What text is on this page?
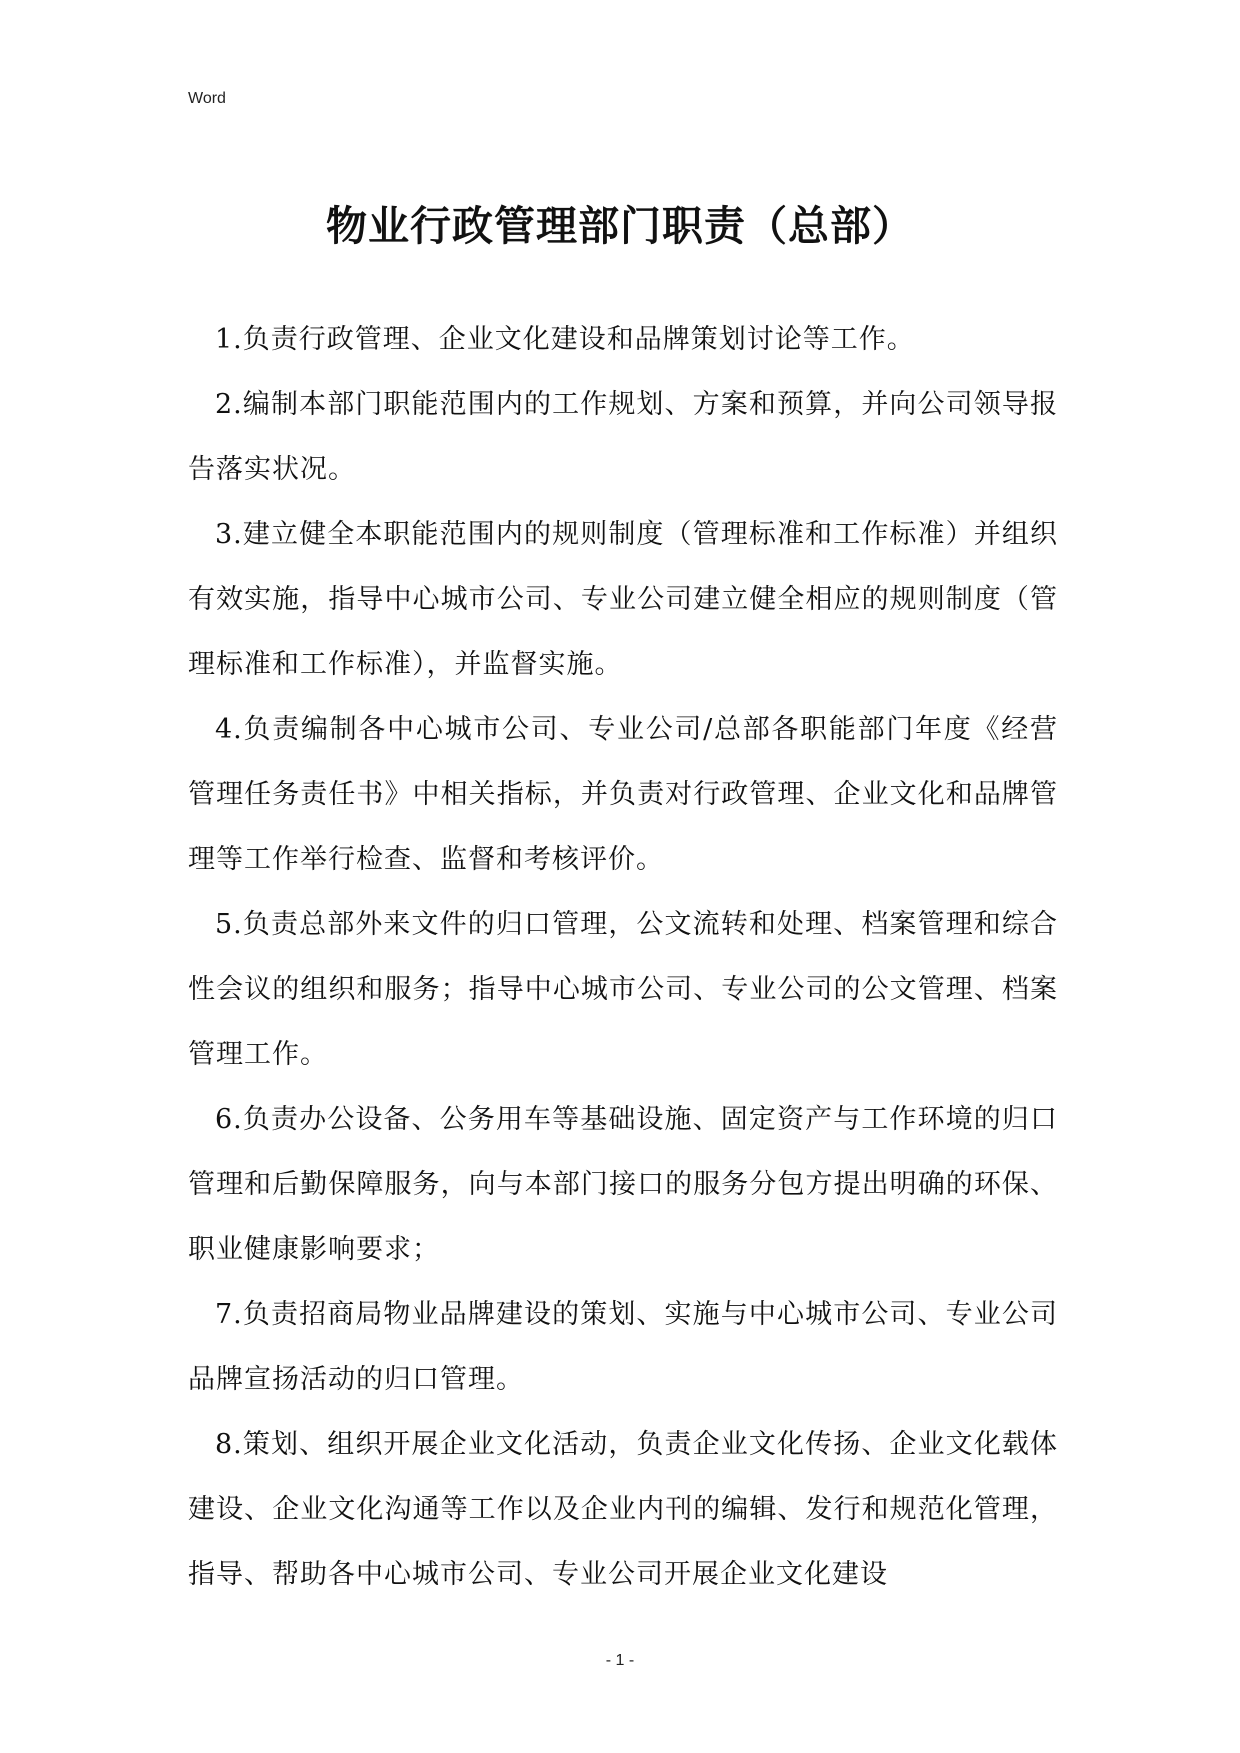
Word
物业行政管理部门职责（总部）

1.负责行政管理、企业文化建设和品牌策划讨论等工作。

2.编制本部门职能范围内的工作规划、方案和预算，并向公司领导报告落实状况。

3.建立健全本职能范围内的规则制度（管理标准和工作标准）并组织有效实施，指导中心城市公司、专业公司建立健全相应的规则制度（管理标准和工作标准），并监督实施。

4.负责编制各中心城市公司、专业公司/总部各职能部门年度《经营管理任务责任书》中相关指标，并负责对行政管理、企业文化和品牌管理等工作举行检查、监督和考核评价。

5.负责总部外来文件的归口管理，公文流转和处理、档案管理和综合性会议的组织和服务；指导中心城市公司、专业公司的公文管理、档案管理工作。

6.负责办公设备、公务用车等基础设施、固定资产与工作环境的归口管理和后勤保障服务，向与本部门接口的服务分包方提出明确的环保、职业健康影响要求；

7.负责招商局物业品牌建设的策划、实施与中心城市公司、专业公司品牌宣扬活动的归口管理。

8.策划、组织开展企业文化活动，负责企业文化传扬、企业文化载体建设、企业文化沟通等工作以及企业内刊的编辑、发行和规范化管理，指导、帮助各中心城市公司、专业公司开展企业文化建设

- 1 -
